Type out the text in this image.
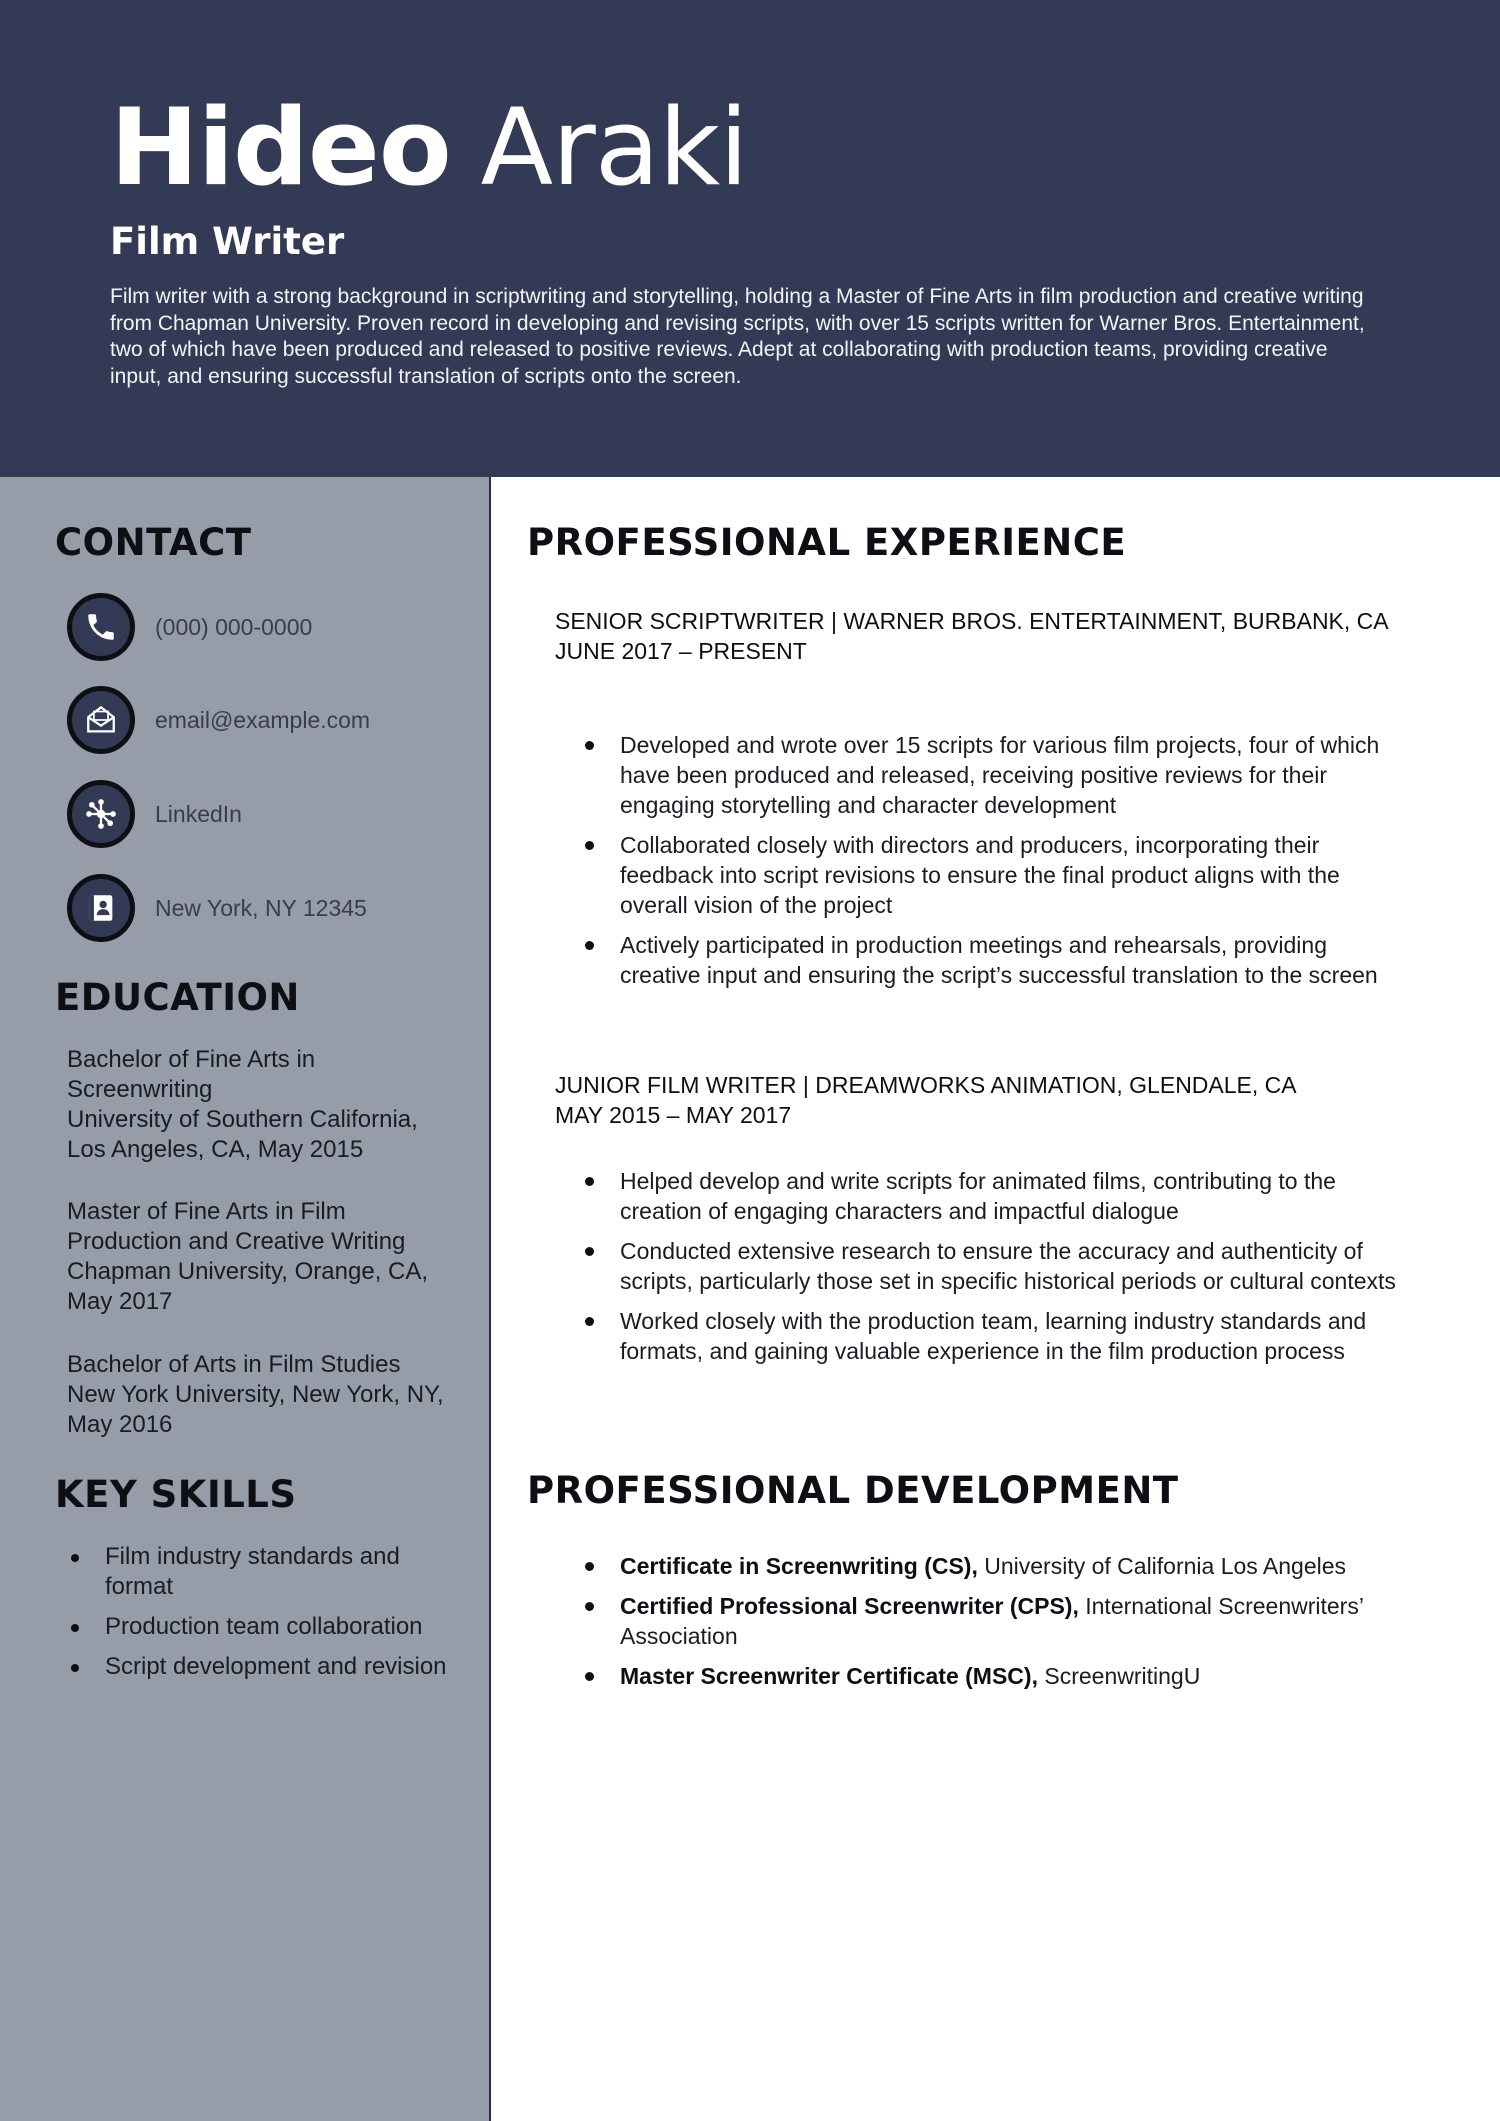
Hideo Araki
Film Writer
Film writer with a strong background in scriptwriting and storytelling, holding a Master of Fine Arts in film production and creative writing from Chapman University. Proven record in developing and revising scripts, with over 15 scripts written for Warner Bros. Entertainment, two of which have been produced and released to positive reviews. Adept at collaborating with production teams, providing creative input, and ensuring successful translation of scripts onto the screen.
CONTACT
(000) 000-0000
email@example.com
LinkedIn
New York, NY 12345
EDUCATION
Bachelor of Fine Arts in Screenwriting
University of Southern California, Los Angeles, CA, May 2015
Master of Fine Arts in Film Production and Creative Writing
Chapman University, Orange, CA, May 2017
Bachelor of Arts in Film Studies
New York University, New York, NY, May 2016
KEY SKILLS
Film industry standards and format
Production team collaboration
Script development and revision
PROFESSIONAL EXPERIENCE
SENIOR SCRIPTWRITER | WARNER BROS. ENTERTAINMENT, BURBANK, CA
JUNE 2017 – PRESENT
Developed and wrote over 15 scripts for various film projects, four of which have been produced and released, receiving positive reviews for their engaging storytelling and character development
Collaborated closely with directors and producers, incorporating their feedback into script revisions to ensure the final product aligns with the overall vision of the project
Actively participated in production meetings and rehearsals, providing creative input and ensuring the script’s successful translation to the screen
JUNIOR FILM WRITER | DREAMWORKS ANIMATION, GLENDALE, CA
MAY 2015 – MAY 2017
Helped develop and write scripts for animated films, contributing to the creation of engaging characters and impactful dialogue
Conducted extensive research to ensure the accuracy and authenticity of scripts, particularly those set in specific historical periods or cultural contexts
Worked closely with the production team, learning industry standards and formats, and gaining valuable experience in the film production process
PROFESSIONAL DEVELOPMENT
Certificate in Screenwriting (CS), University of California Los Angeles
Certified Professional Screenwriter (CPS), International Screenwriters’ Association
Master Screenwriter Certificate (MSC), ScreenwritingU
